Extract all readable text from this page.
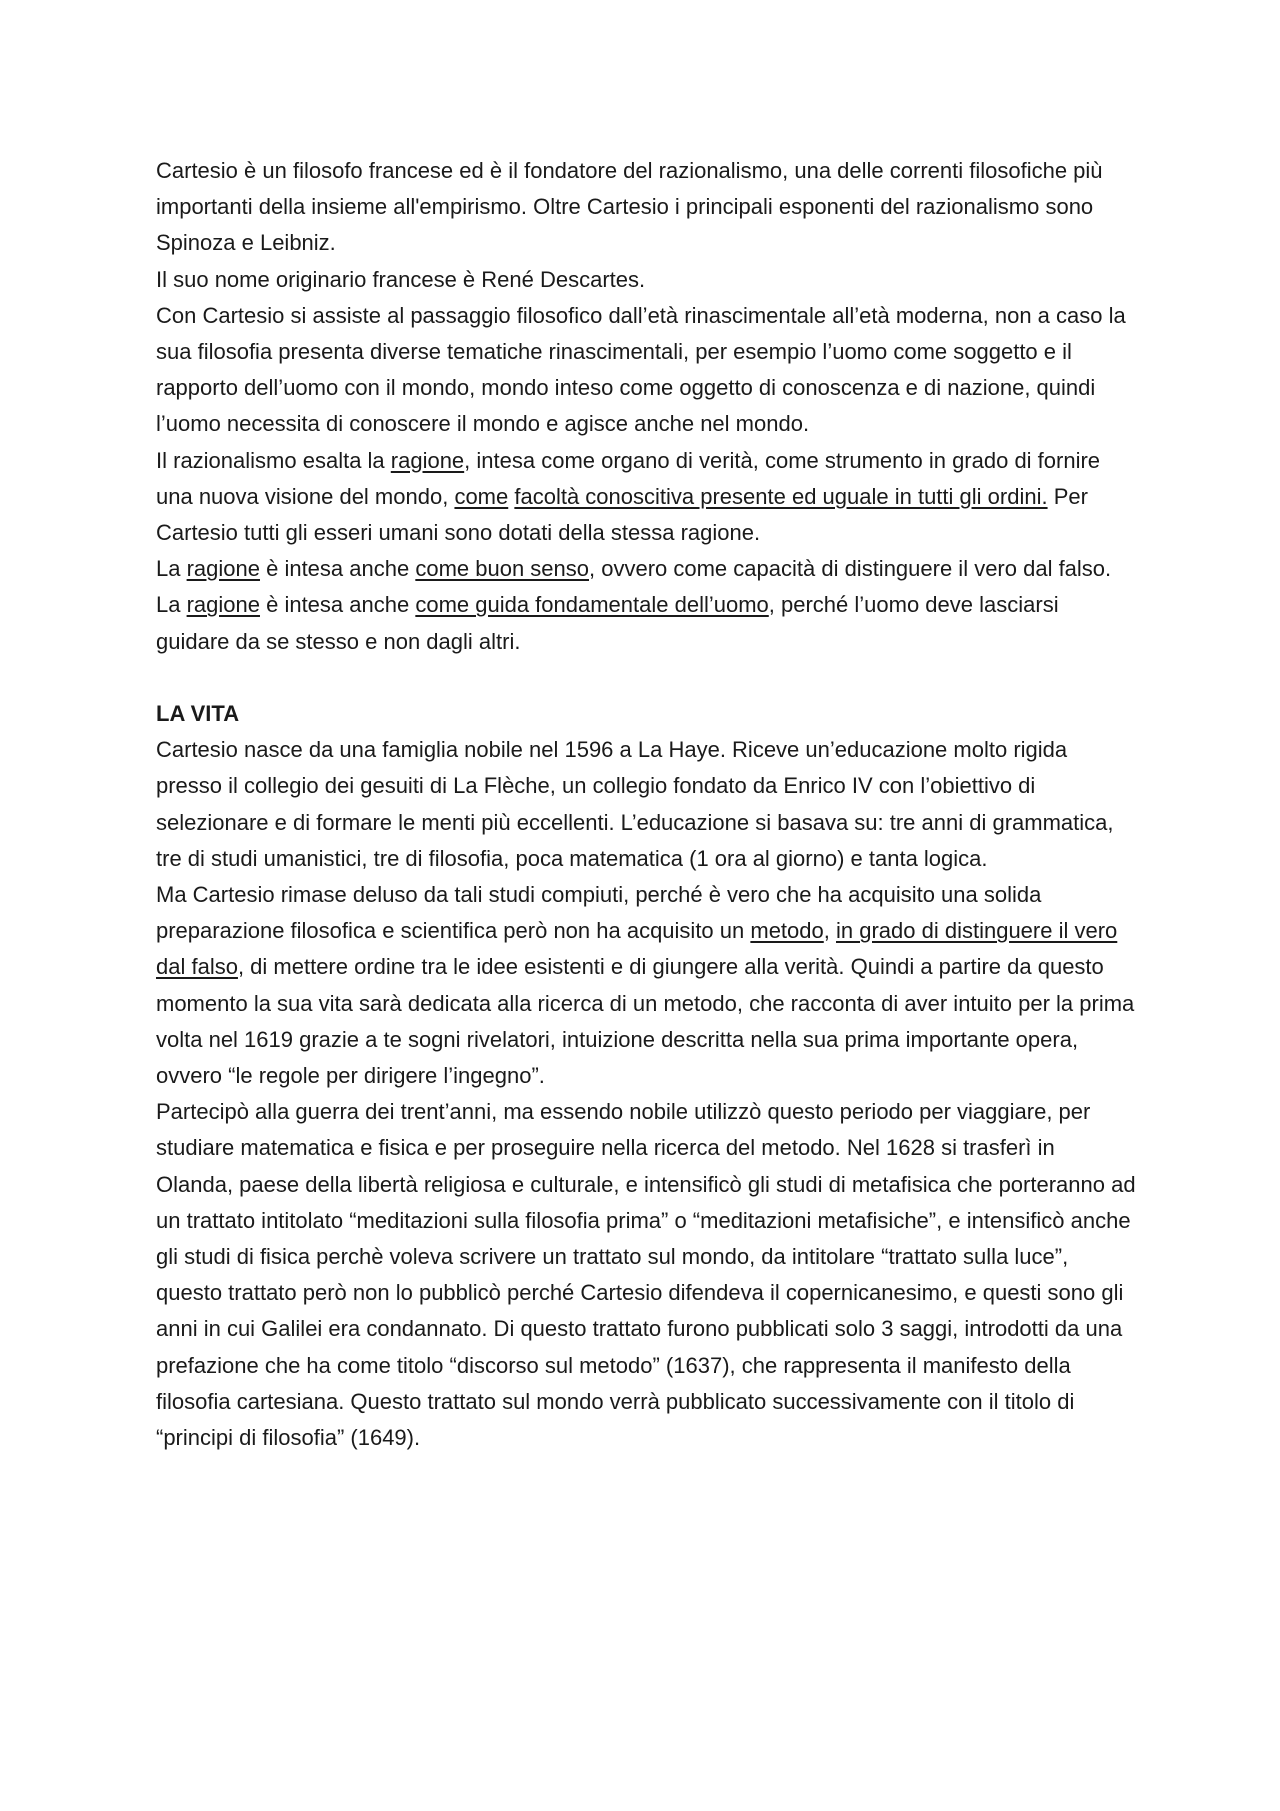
Cartesio è un filosofo francese ed è il fondatore del razionalismo, una delle correnti filosofiche più importanti della insieme all'empirismo. Oltre Cartesio i principali esponenti del razionalismo sono Spinoza e Leibniz.

Il suo nome originario francese è René Descartes.

Con Cartesio si assiste al passaggio filosofico dall’età rinascimentale all’età moderna, non a caso la sua filosofia presenta diverse tematiche rinascimentali, per esempio l’uomo come soggetto e il rapporto dell’uomo con il mondo, mondo inteso come oggetto di conoscenza e di nazione, quindi l’uomo necessita di conoscere il mondo e agisce anche nel mondo.

Il razionalismo esalta la ragione, intesa come organo di verità, come strumento in grado di fornire una nuova visione del mondo, come facoltà conoscitiva presente ed uguale in tutti gli ordini. Per Cartesio tutti gli esseri umani sono dotati della stessa ragione.

La ragione è intesa anche come buon senso, ovvero come capacità di distinguere il vero dal falso.

La ragione è intesa anche come guida fondamentale dell’uomo, perché l’uomo deve lasciarsi guidare da se stesso e non dagli altri.

LA VITA

Cartesio nasce da una famiglia nobile nel 1596 a La Haye. Riceve un’educazione molto rigida presso il collegio dei gesuiti di La Flèche, un collegio fondato da Enrico IV con l’obiettivo di selezionare e di formare le menti più eccellenti. L’educazione si basava su: tre anni di grammatica, tre di studi umanistici, tre di filosofia, poca matematica (1 ora al giorno) e tanta logica.

Ma Cartesio rimase deluso da tali studi compiuti, perché è vero che ha acquisito una solida preparazione filosofica e scientifica però non ha acquisito un metodo, in grado di distinguere il vero dal falso, di mettere ordine tra le idee esistenti e di giungere alla verità. Quindi a partire da questo momento la sua vita sarà dedicata alla ricerca di un metodo, che racconta di aver intuito per la prima volta nel 1619 grazie a te sogni rivelatori, intuizione descritta nella sua prima importante opera, ovvero “le regole per dirigere l’ingegno”.

Partecipò alla guerra dei trent’anni, ma essendo nobile utilizzò questo periodo per viaggiare, per studiare matematica e fisica e per proseguire nella ricerca del metodo. Nel 1628 si trasferì in Olanda, paese della libertà religiosa e culturale, e intensificò gli studi di metafisica che porteranno ad un trattato intitolato “meditazioni sulla filosofia prima” o “meditazioni metafisiche”, e intensificò anche gli studi di fisica perchè voleva scrivere un trattato sul mondo, da intitolare “trattato sulla luce”, questo trattato però non lo pubblicò perché Cartesio difendeva il copernicanesimo, e questi sono gli anni in cui Galilei era condannato. Di questo trattato furono pubblicati solo 3 saggi, introdotti da una prefazione che ha come titolo “discorso sul metodo” (1637), che rappresenta il manifesto della filosofia cartesiana. Questo trattato sul mondo verrà pubblicato successivamente con il titolo di “principi di filosofia” (1649).
